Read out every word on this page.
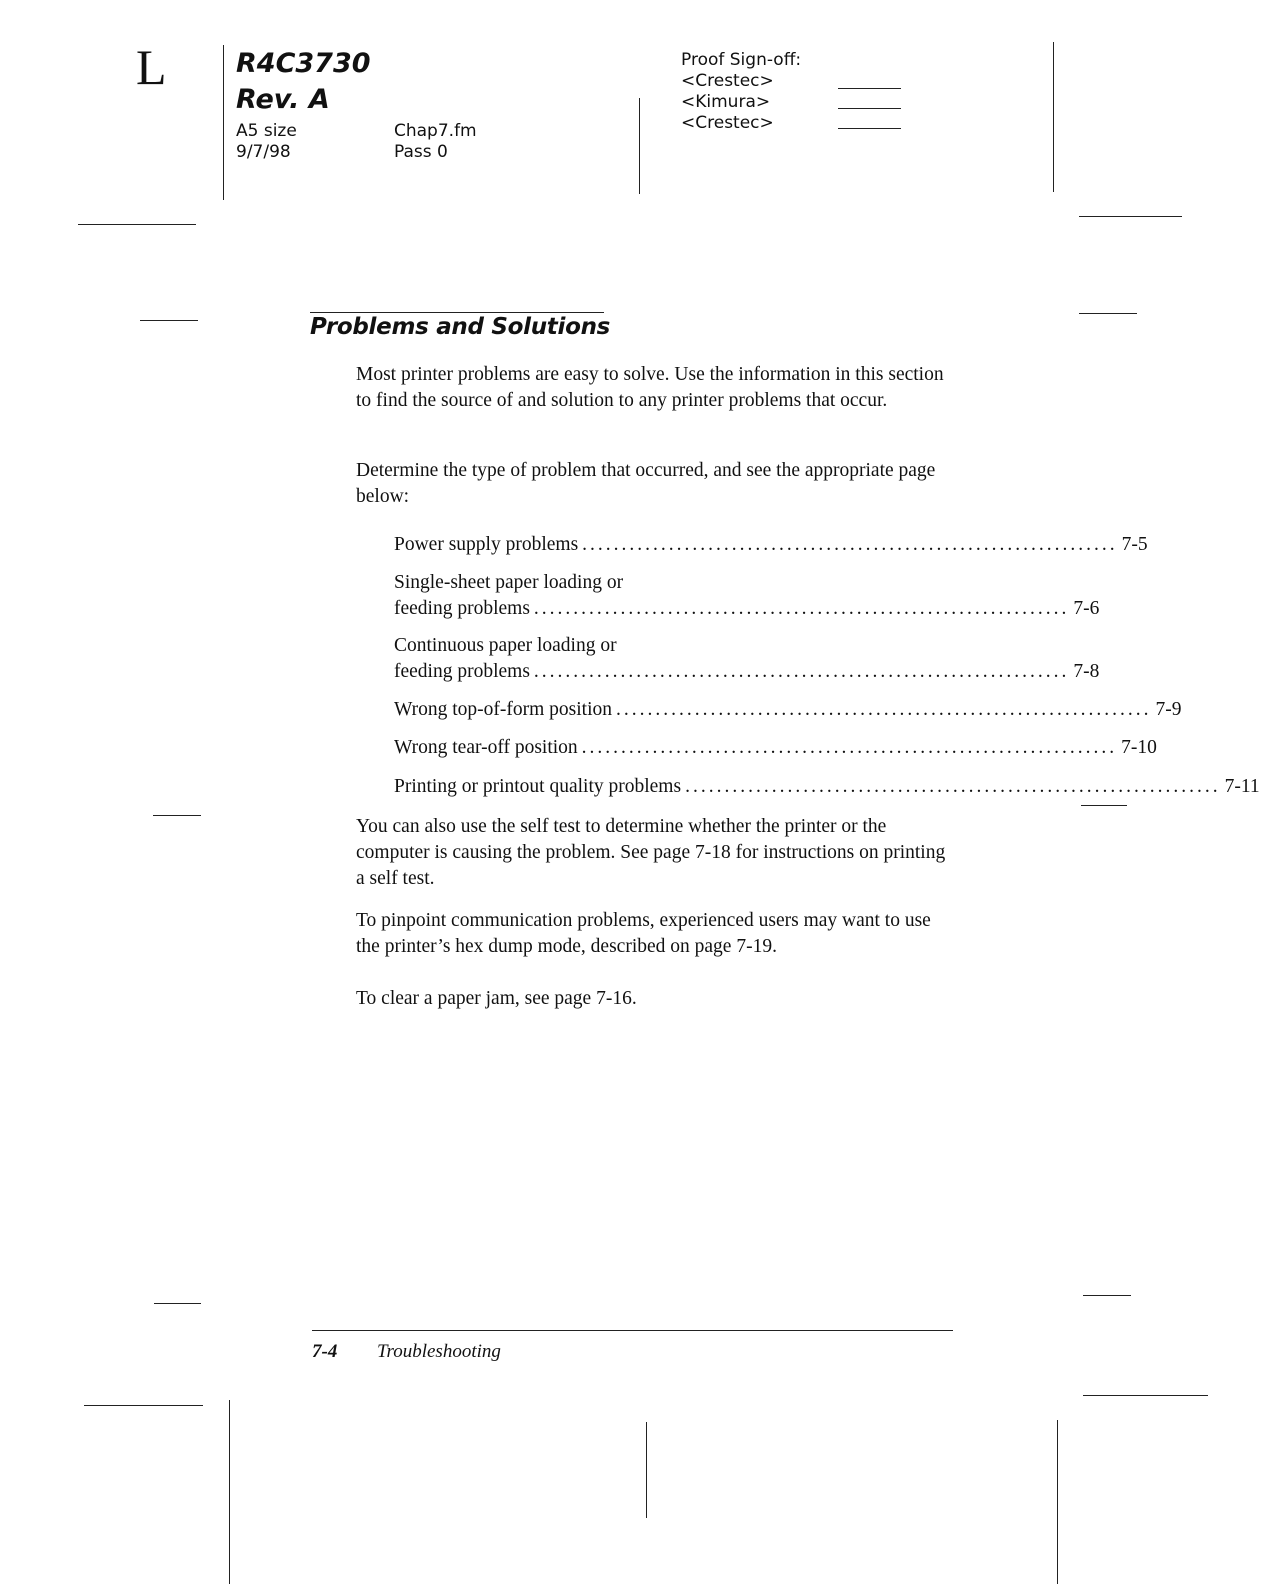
L	R4C3730
Rev. A
A5 size
9/7/98
Chap7.fm
Pass 0
Proof Sign-off:
<Crestec>
<Kimura>
<Crestec>
Problems and Solutions

Most printer problems are easy to solve. Use the information in this section to find the source of and solution to any printer problems that occur.

Determine the type of problem that occurred, and see the appropriate page below:

Power supply problems .................................................................... 7-5
Single-sheet paper loading or
feeding problems .................................................................... 7-6
Continuous paper loading or
feeding problems .................................................................... 7-8
Wrong top-of-form position .................................................................... 7-9
Wrong tear-off position .................................................................... 7-10
Printing or printout quality problems .................................................................... 7-11

You can also use the self test to determine whether the printer or the computer is causing the problem. See page 7-18 for instructions on printing a self test.

To pinpoint communication problems, experienced users may want to use the printer’s hex dump mode, described on page 7-19.

To clear a paper jam, see page 7-16.

7-4 Troubleshooting
